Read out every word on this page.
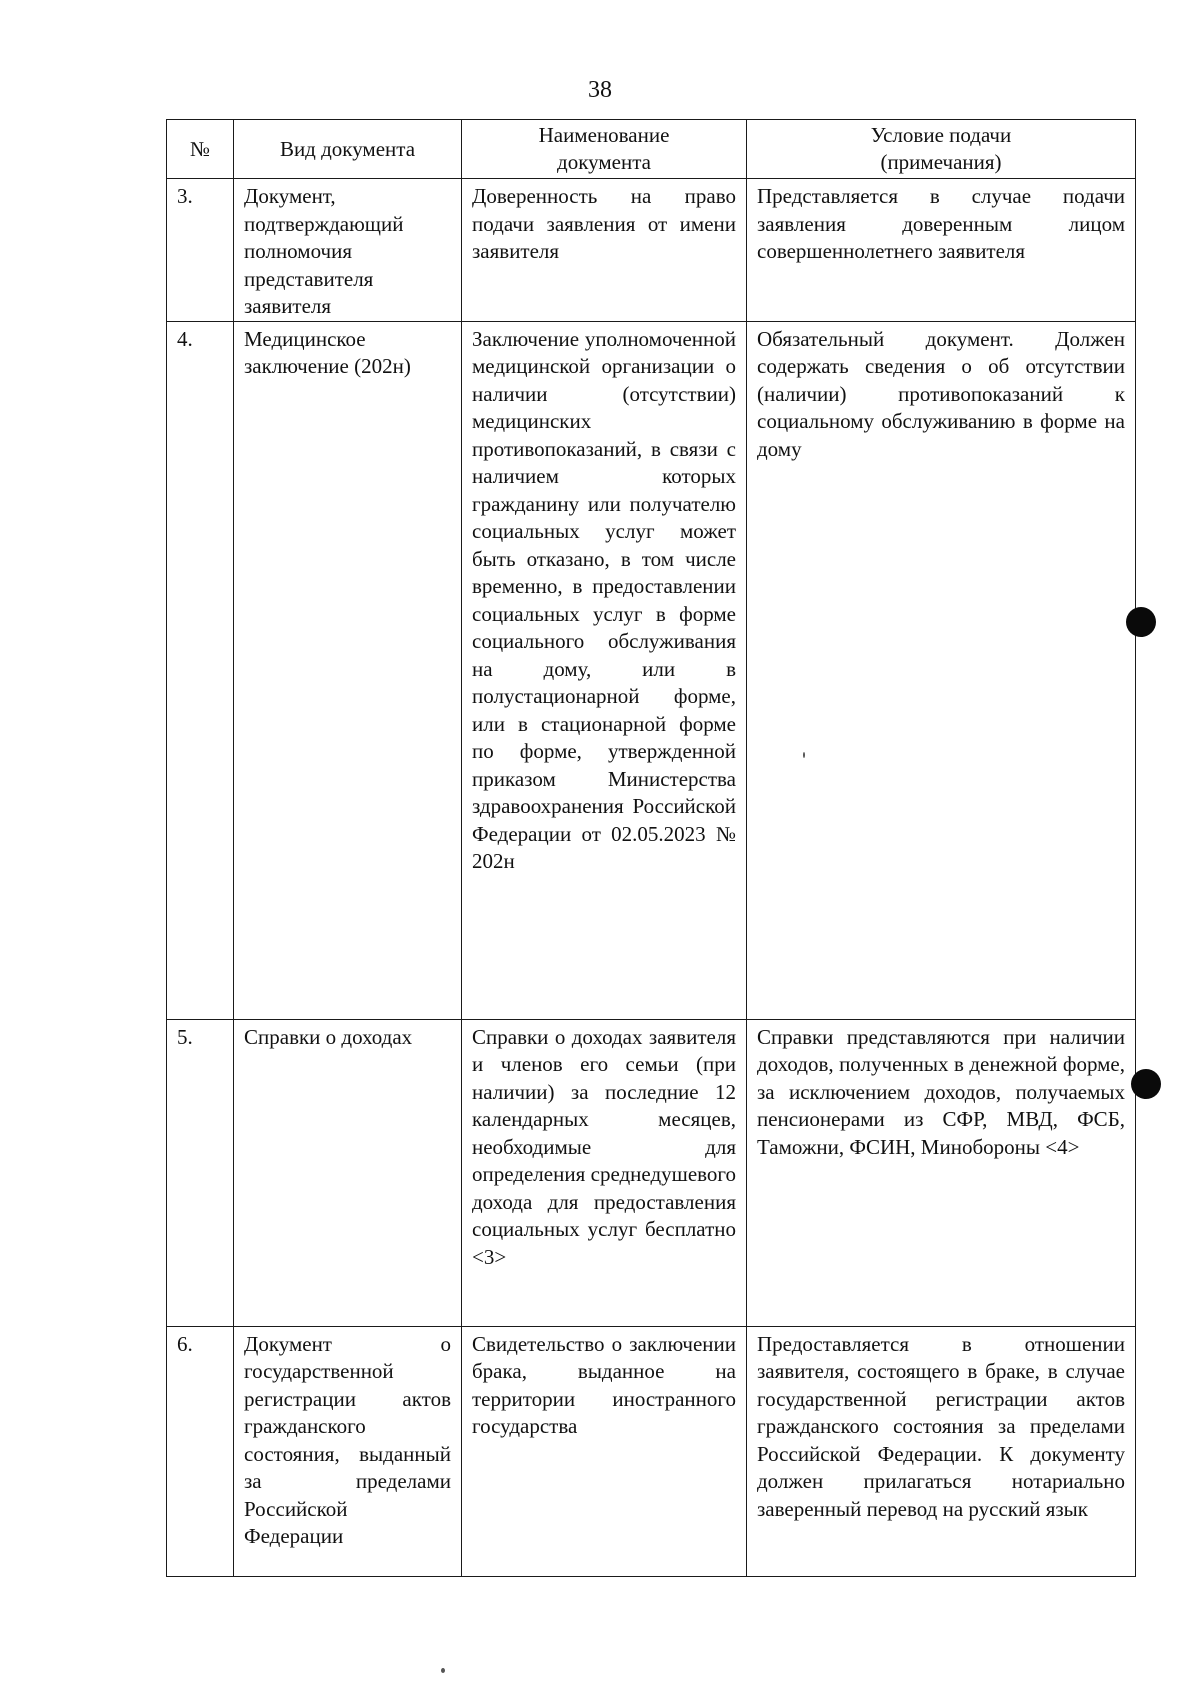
38
№	Вид документа	Наименование документа	Условие подачи (примечания)
3.	Документ, подтверждающий полномочия представителя заявителя	Доверенность на право подачи заявления от имени заявителя	Представляется в случае подачи заявления доверенным лицом совершеннолетнего заявителя
4.	Медицинское заключение (202н)	Заключение уполномоченной медицинской организации о наличии (отсутствии) медицинских противопоказаний, в связи с наличием которых гражданину или получателю социальных услуг может быть отказано, в том числе временно, в предоставлении социальных услуг в форме социального обслуживания на дому, или в полустационарной форме, или в стационарной форме по форме, утвержденной приказом Министерства здравоохранения Российской Федерации от 02.05.2023 № 202н	Обязательный документ. Должен содержать сведения о об отсутствии (наличии) противопоказаний к социальному обслуживанию в форме на дому
5.	Справки о доходах	Справки о доходах заявителя и членов его семьи (при наличии) за последние 12 календарных месяцев, необходимые для определения среднедушевого дохода для предоставления социальных услуг бесплатно <3>	Справки представляются при наличии доходов, полученных в денежной форме, за исключением доходов, получаемых пенсионерами из СФР, МВД, ФСБ, Таможни, ФСИН, Минобороны <4>
6.	Документ о государственной регистрации актов гражданского состояния, выданный за пределами Российской Федерации	Свидетельство о заключении брака, выданное на территории иностранного государства	Предоставляется в отношении заявителя, состоящего в браке, в случае государственной регистрации актов гражданского состояния за пределами Российской Федерации. К документу должен прилагаться нотариально заверенный перевод на русский язык
